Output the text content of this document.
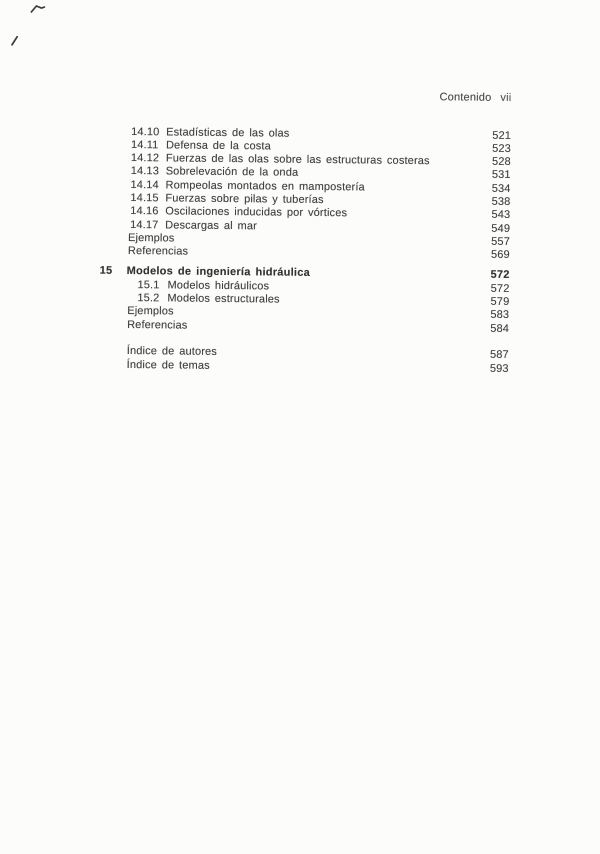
Contenido vii
14.10 Estadísticas de las olas	521
14.11 Defensa de la costa	523
14.12 Fuerzas de las olas sobre las estructuras costeras	528
14.13 Sobrelevación de la onda	531
14.14 Rompeolas montados en mampostería	534
14.15 Fuerzas sobre pilas y tuberías	538
14.16 Oscilaciones inducidas por vórtices	543
14.17 Descargas al mar	549
Ejemplos	557
Referencias	569
15 Modelos de ingeniería hidráulica	572
15.1 Modelos hidráulicos	572
15.2 Modelos estructurales	579
Ejemplos	583
Referencias	584
Índice de autores	587
Índice de temas	593
